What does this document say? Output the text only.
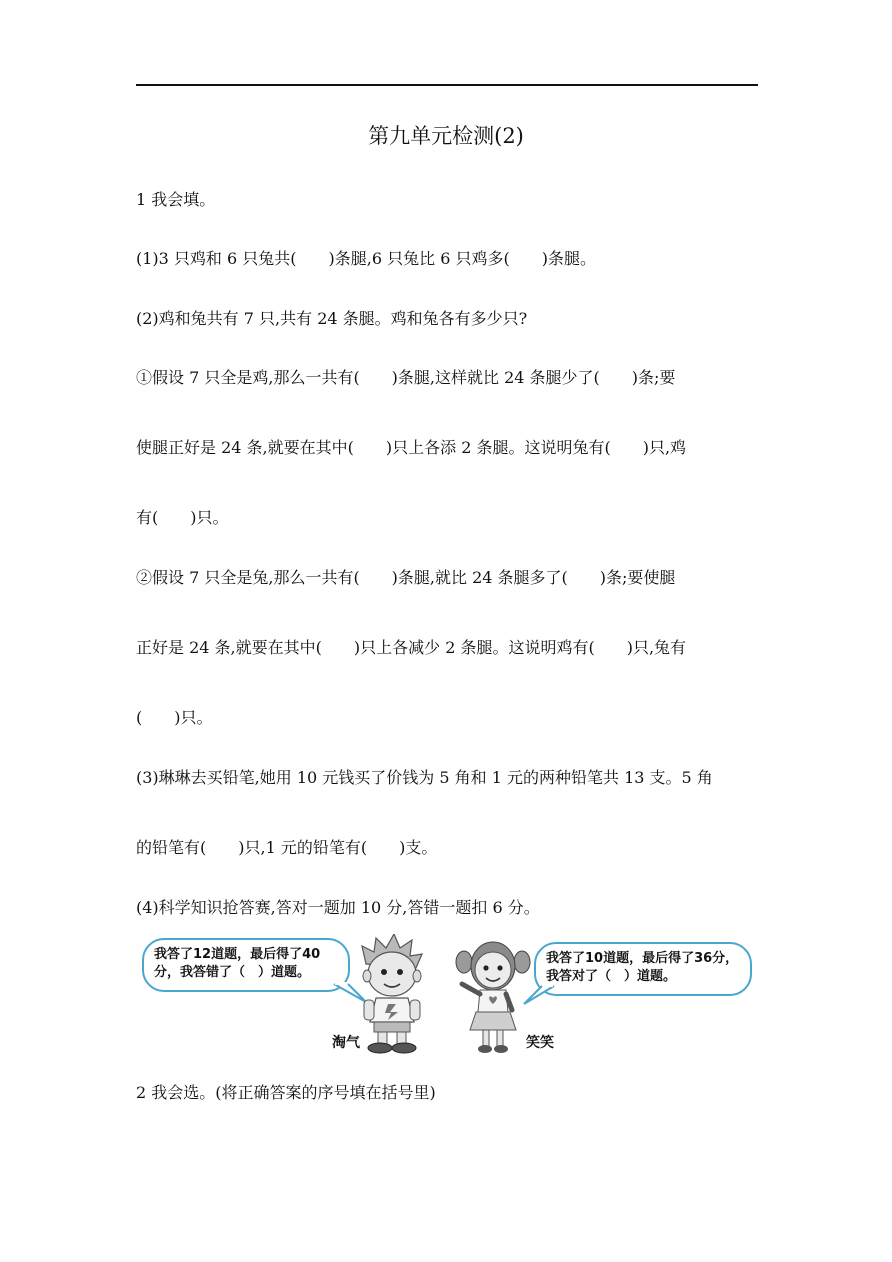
第九单元检测(2)
1 我会填。
(1)3 只鸡和 6 只兔共(　　)条腿,6 只兔比 6 只鸡多(　　)条腿。
(2)鸡和兔共有 7 只,共有 24 条腿。鸡和兔各有多少只?
①假设 7 只全是鸡,那么一共有(　　)条腿,这样就比 24 条腿少了(　　)条;要
使腿正好是 24 条,就要在其中(　　)只上各添 2 条腿。这说明兔有(　　)只,鸡
有(　　)只。
②假设 7 只全是兔,那么一共有(　　)条腿,就比 24 条腿多了(　　)条;要使腿
正好是 24 条,就要在其中(　　)只上各减少 2 条腿。这说明鸡有(　　)只,兔有
(　　)只。
(3)琳琳去买铅笔,她用 10 元钱买了价钱为 5 角和 1 元的两种铅笔共 13 支。5 角
的铅笔有(　　)只,1 元的铅笔有(　　)支。
(4)科学知识抢答赛,答对一题加 10 分,答错一题扣 6 分。
我答了12道题，最后得了40分，我答错了（　）道题。
我答了10道题，最后得了36分，我答对了（　）道题。
淘气	笑笑
2 我会选。(将正确答案的序号填在括号里)
